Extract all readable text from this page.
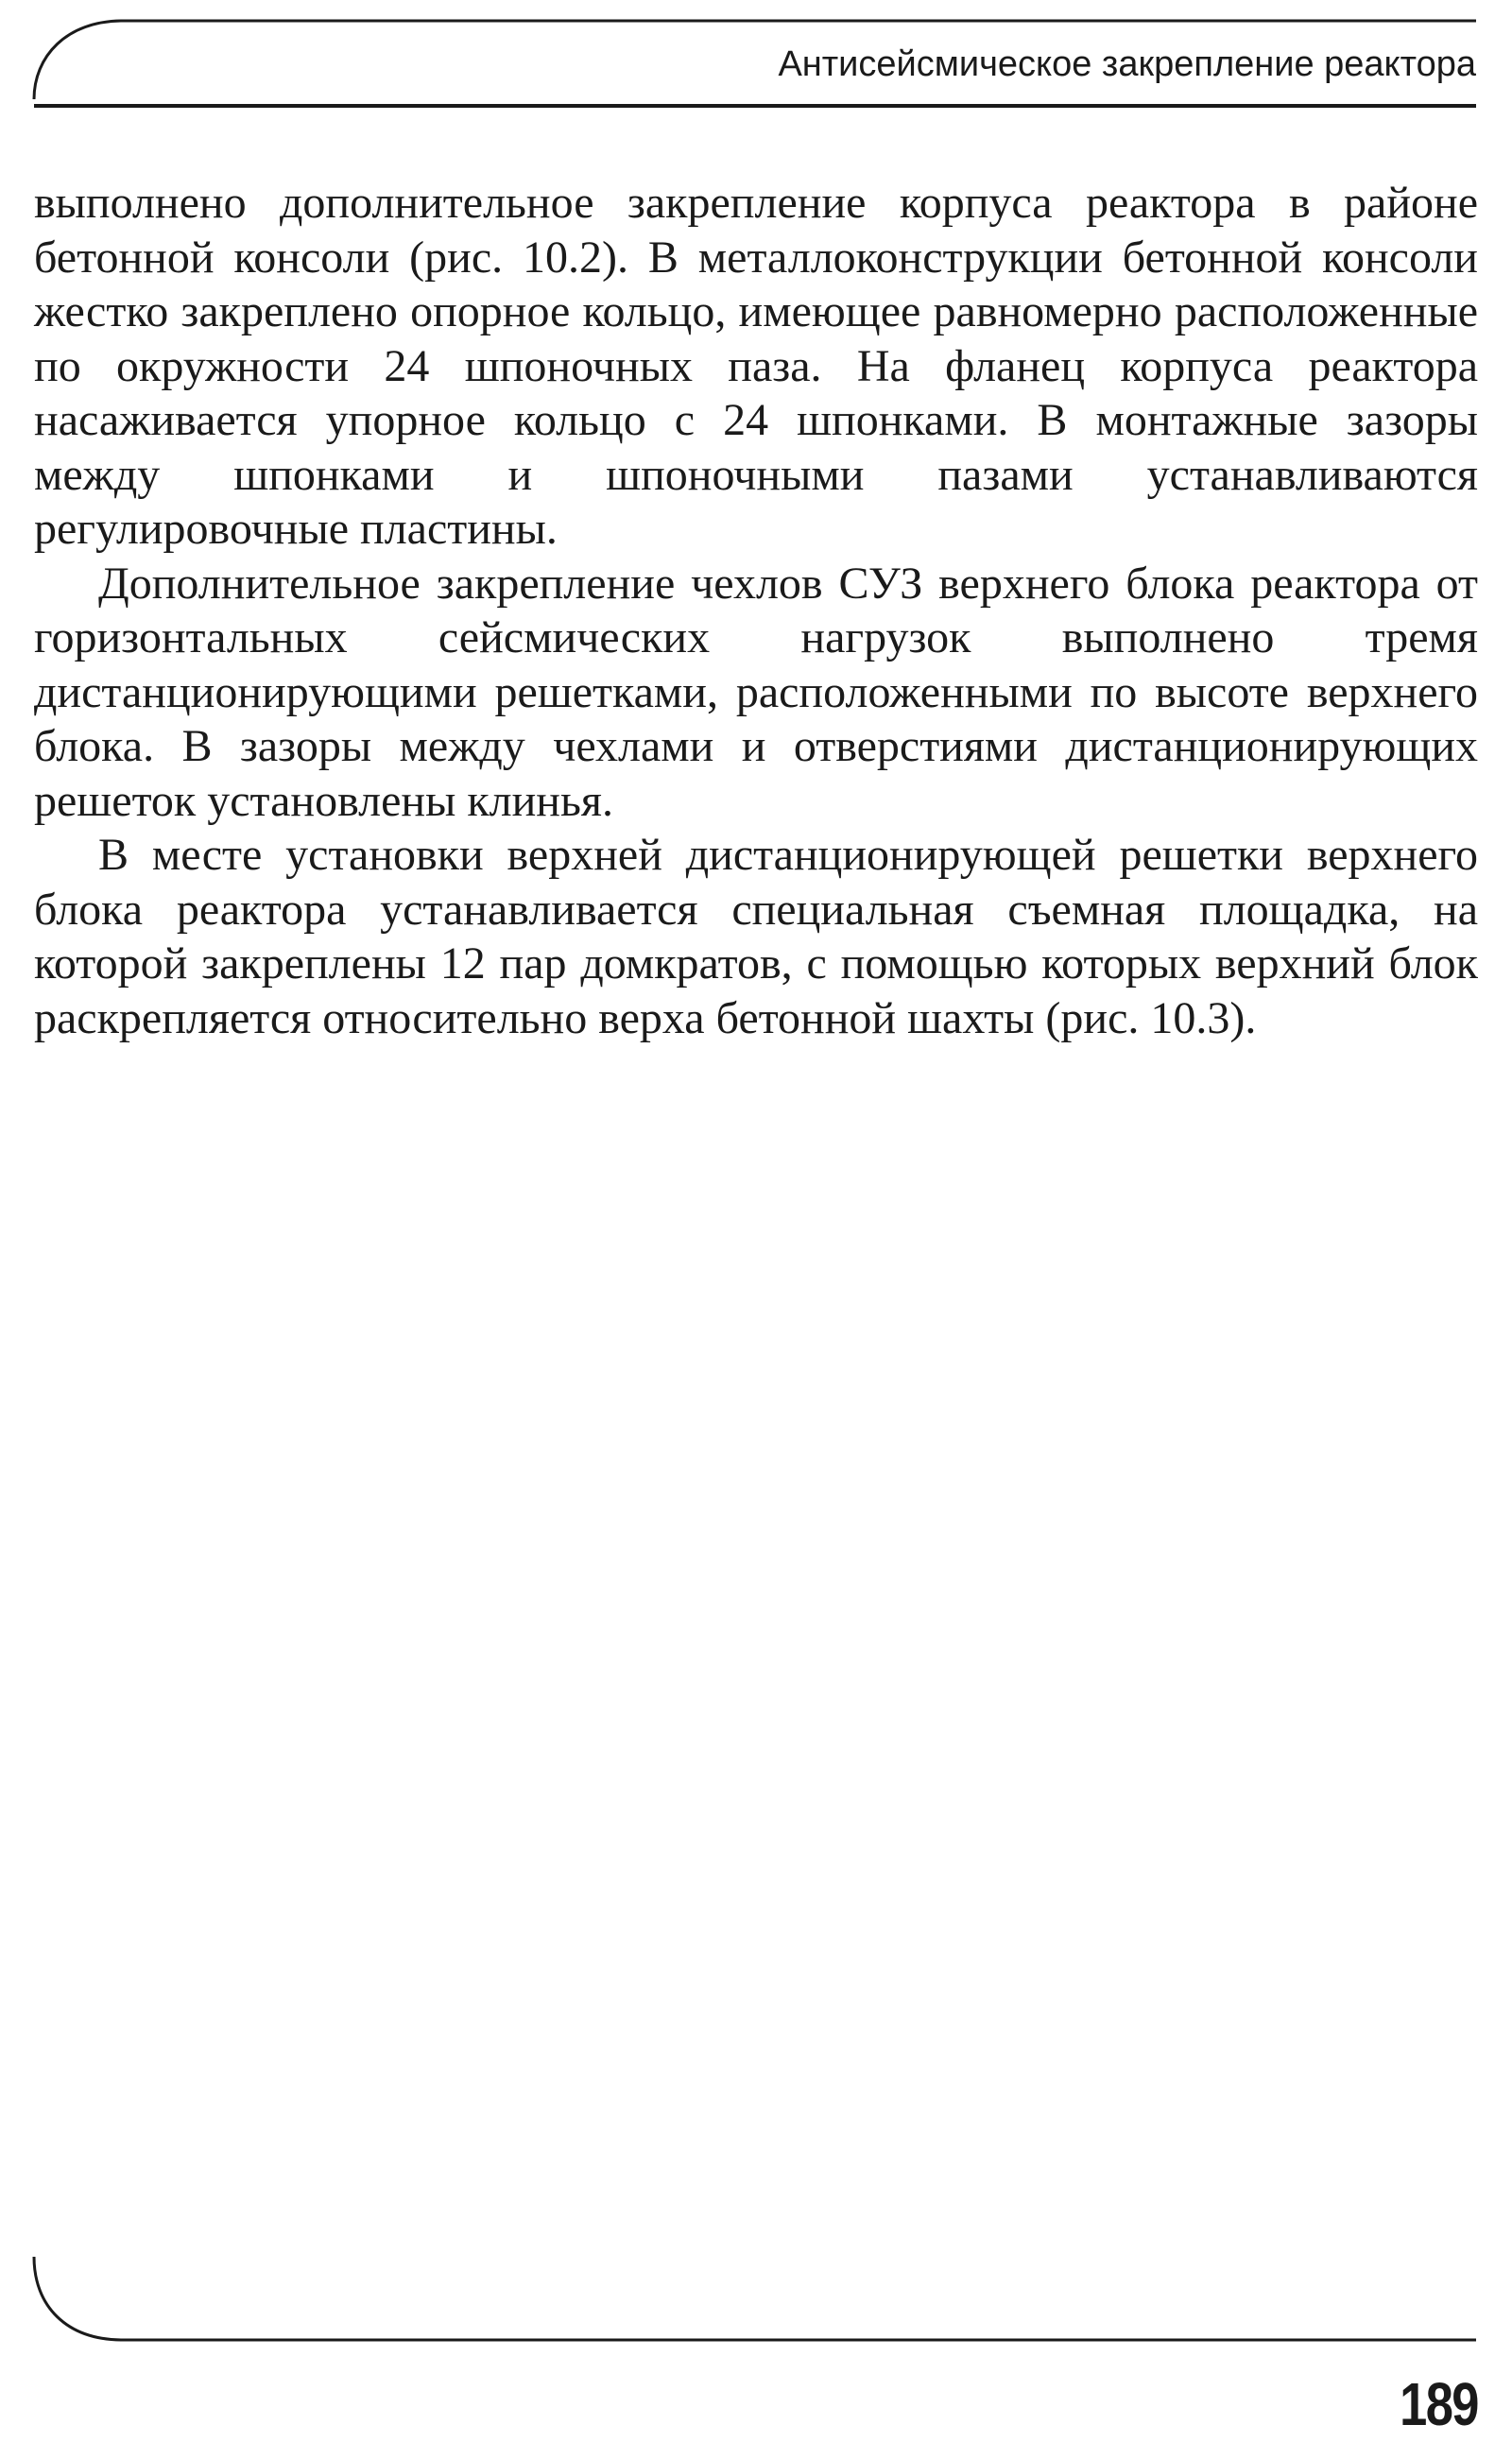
Антисейсмическое закрепление реактора

выполнено дополнительное закрепление корпуса реактора в районе бетонной консоли (рис. 10.2). В металлоконструкции бетонной консоли жестко закреплено опорное кольцо, имеющее равномерно расположенные по окружности 24 шпоночных паза. На фланец корпуса реактора насаживается упорное кольцо с 24 шпонками. В монтажные зазоры между шпонками и шпоночными пазами устанавливаются регулировочные пластины.

Дополнительное закрепление чехлов СУЗ верхнего блока реактора от горизонтальных сейсмических нагрузок выполнено тремя дистанционирующими решетками, расположенными по высоте верхнего блока. В зазоры между чехлами и отверстиями дистанционирующих решеток установлены клинья.

В месте установки верхней дистанционирующей решетки верхнего блока реактора устанавливается специальная съемная площадка, на которой закреплены 12 пар домкратов, с помощью которых верхний блок раскрепляется относительно верха бетонной шахты (рис. 10.3).

189
